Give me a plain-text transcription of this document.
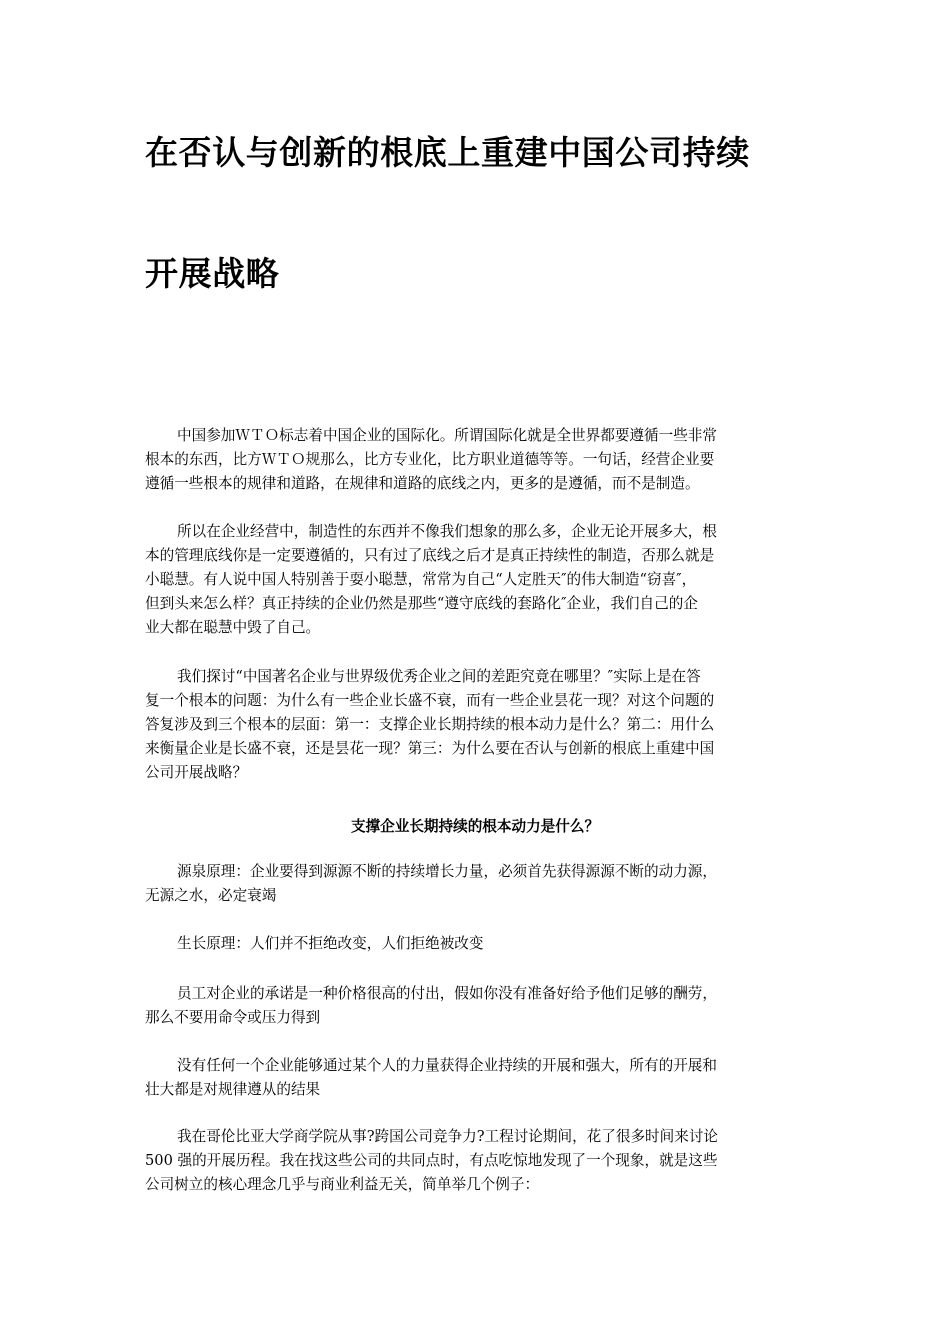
在否认与创新的根底上重建中国公司持续
开展战略
中国参加ＷＴＯ标志着中国企业的国际化。所谓国际化就是全世界都要遵循一些非常
根本的东西，比方ＷＴＯ规那么，比方专业化，比方职业道德等等。一句话，经营企业要
遵循一些根本的规律和道路，在规律和道路的底线之内，更多的是遵循，而不是制造。
所以在企业经营中，制造性的东西并不像我们想象的那么多，企业无论开展多大，根
本的管理底线你是一定要遵循的，只有过了底线之后才是真正持续性的制造，否那么就是
小聪慧。有人说中国人特别善于耍小聪慧，常常为自己“人定胜天″的伟大制造“窃喜″，
但到头来怎么样？真正持续的企业仍然是那些“遵守底线的套路化″企业，我们自己的企
业大都在聪慧中毁了自己。
我们探讨“中国著名企业与世界级优秀企业之间的差距究竟在哪里？″实际上是在答
复一个根本的问题：为什么有一些企业长盛不衰，而有一些企业昙花一现？对这个问题的
答复涉及到三个根本的层面：第一：支撑企业长期持续的根本动力是什么？第二：用什么
来衡量企业是长盛不衰，还是昙花一现？第三：为什么要在否认与创新的根底上重建中国
公司开展战略？
支撑企业长期持续的根本动力是什么？
源泉原理：企业要得到源源不断的持续增长力量，必须首先获得源源不断的动力源，
无源之水，必定衰竭
生长原理：人们并不拒绝改变，人们拒绝被改变
员工对企业的承诺是一种价格很高的付出，假如你没有准备好给予他们足够的酬劳，
那么不要用命令或压力得到
没有任何一个企业能够通过某个人的力量获得企业持续的开展和强大，所有的开展和
壮大都是对规律遵从的结果
我在哥伦比亚大学商学院从事?跨国公司竞争力?工程讨论期间，花了很多时间来讨论
500 强的开展历程。我在找这些公司的共同点时，有点吃惊地发现了一个现象，就是这些
公司树立的核心理念几乎与商业利益无关，简单举几个例子：
